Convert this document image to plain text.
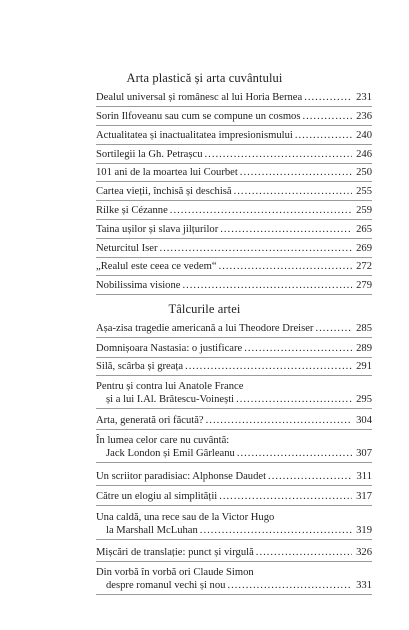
Arta plastică și arta cuvântului
Dealul universal și românesc al lui Horia Bernea .....	231
Sorin Ilfoveanu sau cum se compune un cosmos .....	236
Actualitatea și inactualitatea impresionismului .....	240
Sortilegii la Gh. Petrașcu .....	246
101 ani de la moartea lui Courbet .....	250
Cartea vieții, închisă și deschisă .....	255
Rilke și Cézanne .....	259
Taina ușilor și slava jilțurilor .....	265
Neturcitul Iser .....	269
„Realul este ceea ce vedem“ .....	272
Nobilissima visione .....	279
Tâlcurile artei
Așa-zisa tragedie americană a lui Theodore Dreiser .....	285
Domnișoara Nastasia: o justificare .....	289
Silă, scârba și greața .....	291
Pentru și contra lui Anatole France
și a lui I.Al. Brătescu-Voinești .....	295
Arta, generată ori făcută? .....	304
În lumea celor care nu cuvântă:
Jack London și Emil Gârleanu .....	307
Un scriitor paradisiac: Alphonse Daudet .....	311
Către un elogiu al simplității .....	317
Una caldă, una rece sau de la Victor Hugo
la Marshall McLuhan .....	319
Mișcări de translație: punct și virgulă .....	326
Din vorbă în vorbă ori Claude Simon
despre romanul vechi și nou .....	331
